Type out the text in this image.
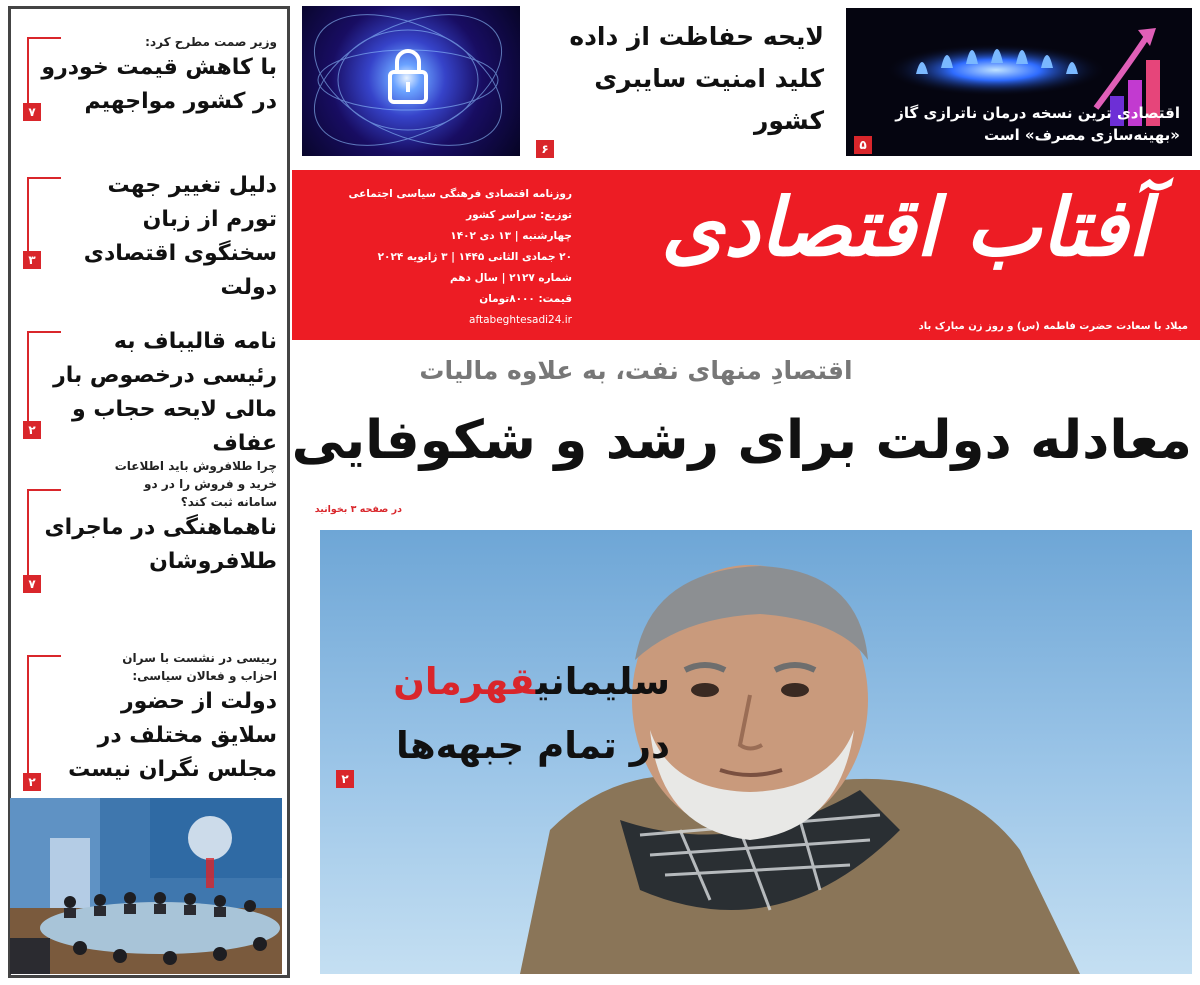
وزیر صمت مطرح کرد:
با کاهش قیمت خودرو در کشور مواجهیم
۷
دلیل تغییر جهت تورم از زبان سخنگوی اقتصادی دولت
۳
نامه قالیباف به رئیسی درخصوص بار مالی لایحه حجاب و عفاف
۲
چرا طلافروش باید اطلاعات خرید و فروش را در دو سامانه ثبت کند؟
ناهماهنگی در ماجرای طلافروشان
۷
رییسی در نشست با سران احزاب و فعالان سیاسی:
دولت از حضور سلایق مختلف در مجلس نگران نیست
۲
لایحه حفاظت از داده کلید امنیت سایبری کشور
۶
اقتصادی ترین نسخه درمان ناترازی گاز «بهینه‌سازی مصرف» است
۵
آفتاب اقتصادی
میلاد با سعادت حضرت فاطمه (س) و روز زن مبارک باد
روزنامه اقتصادی فرهنگی سیاسی اجتماعی
توزیع: سراسر کشور
چهارشنبه | ۱۳ دی ۱۴۰۲
۲۰ جمادی الثانی ۱۴۴۵ | ۳ ژانویه ۲۰۲۴
شماره ۲۱۲۷ | سال دهم
قیمت: ۸۰۰۰تومان
aftabeghtesadi24.ir
اقتصادِ منهای نفت، به علاوه مالیات
معادله دولت برای رشد و شکوفایی
در صفحه ۳ بخوانید
سلیمانیقهرمان
در تمام جبهه‌ها
۲
